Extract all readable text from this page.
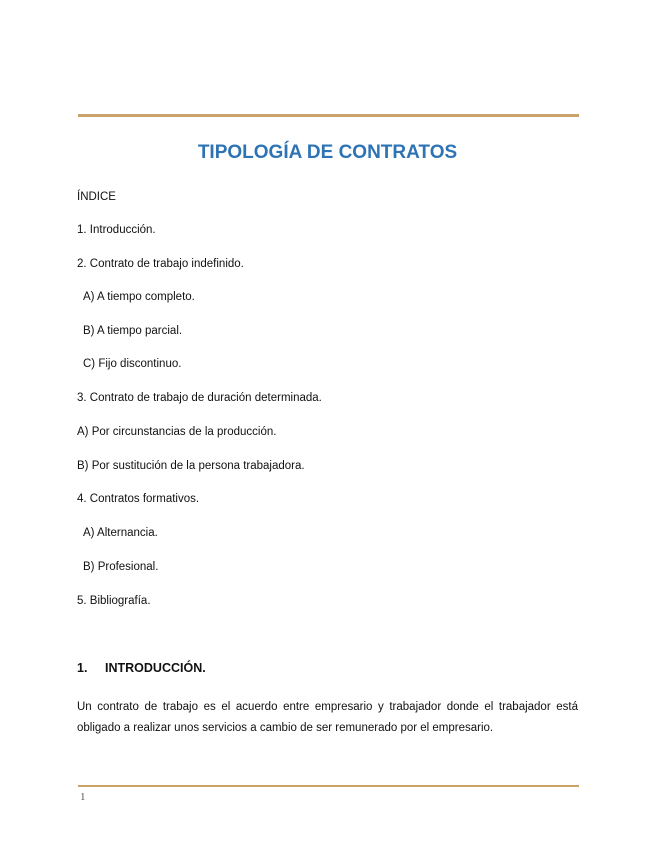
TIPOLOGÍA DE CONTRATOS
ÍNDICE
1. Introducción.
2. Contrato de trabajo indefinido.
A) A tiempo completo.
B) A tiempo parcial.
C) Fijo discontinuo.
3. Contrato de trabajo de duración determinada.
A) Por circunstancias de la producción.
B) Por sustitución de la persona trabajadora.
4. Contratos formativos.
A) Alternancia.
B) Profesional.
5. Bibliografía.
1. INTRODUCCIÓN.
Un contrato de trabajo es el acuerdo entre empresario y trabajador donde el trabajador está obligado a realizar unos servicios a cambio de ser remunerado por el empresario.
1
